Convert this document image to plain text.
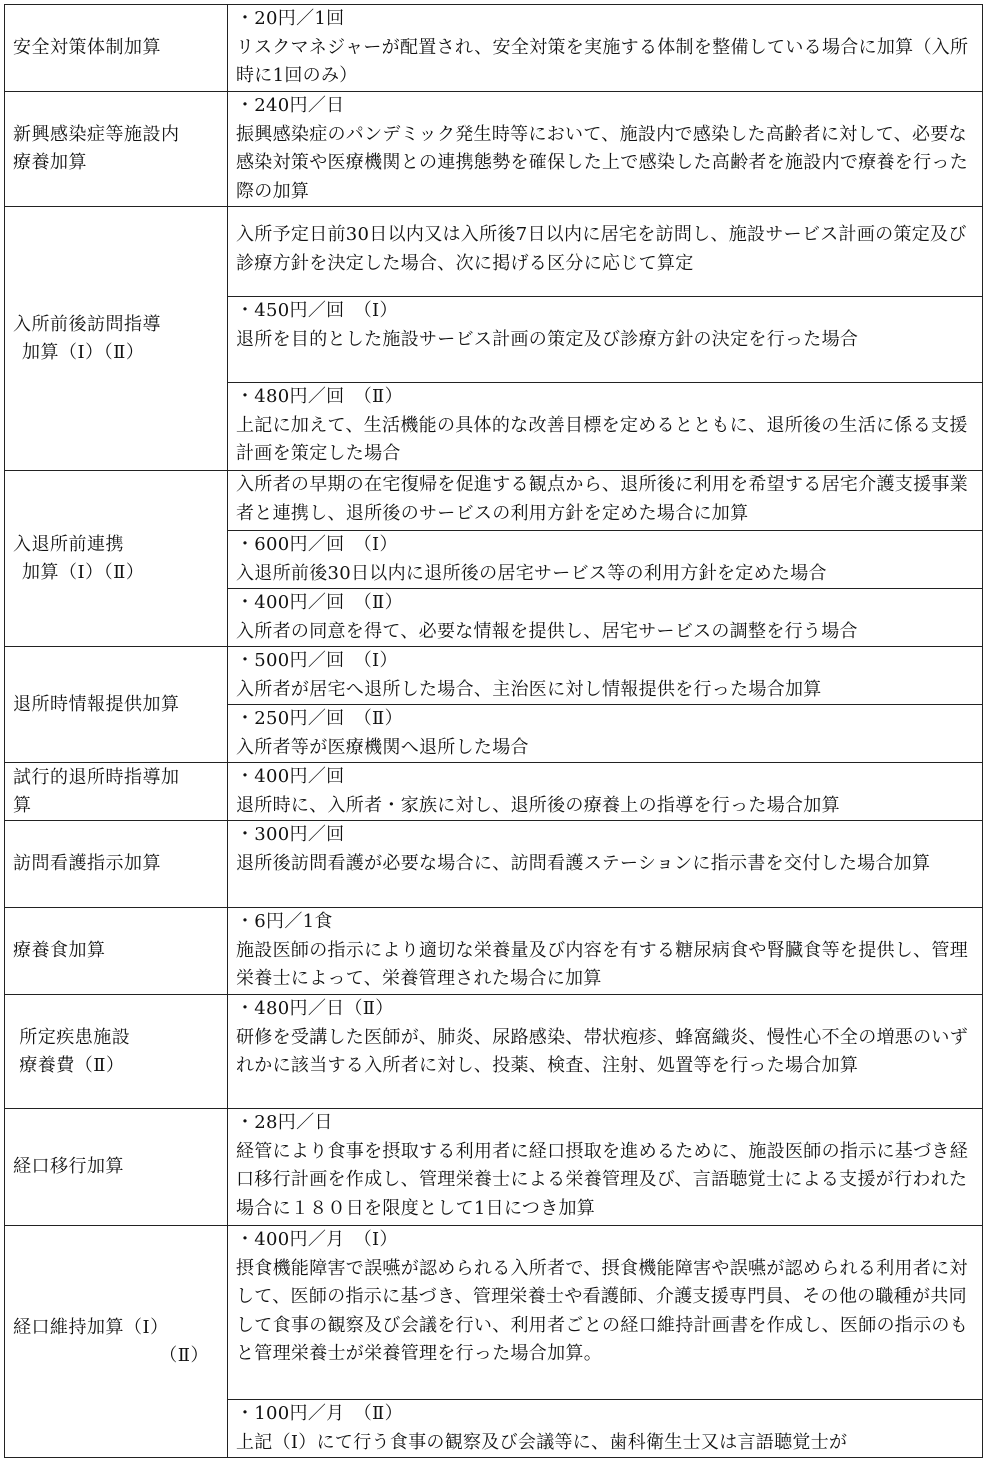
安全対策体制加算	・20円／1回
リスクマネジャーが配置され、安全対策を実施する体制を整備している場合に加算（入所時に1回のみ）

新興感染症等施設内
療養加算	・240円／日
振興感染症のパンデミック発生時等において、施設内で感染した高齢者に対して、必要な感染対策や医療機関との連携態勢を確保した上で感染した高齢者を施設内で療養を行った際の加算

入所前後訪問指導
加算（Ⅰ）（Ⅱ）	入所予定日前30日以内又は入所後7日以内に居宅を訪問し、施設サービス計画の策定及び診療方針を決定した場合、次に掲げる区分に応じて算定

	・450円／回　（Ⅰ）
退所を目的とした施設サービス計画の策定及び診療方針の決定を行った場合

	・480円／回　（Ⅱ）
上記に加えて、生活機能の具体的な改善目標を定めるとともに、退所後の生活に係る支援計画を策定した場合

入退所前連携
加算（Ⅰ）（Ⅱ）	入所者の早期の在宅復帰を促進する観点から、退所後に利用を希望する居宅介護支援事業者と連携し、退所後のサービスの利用方針を定めた場合に加算

	・600円／回　（Ⅰ）
入退所前後30日以内に退所後の居宅サービス等の利用方針を定めた場合

	・400円／回　（Ⅱ）
入所者の同意を得て、必要な情報を提供し、居宅サービスの調整を行う場合

退所時情報提供加算	・500円／回　（Ⅰ）
入所者が居宅へ退所した場合、主治医に対し情報提供を行った場合加算

	・250円／回　（Ⅱ）
入所者等が医療機関へ退所した場合

試行的退所時指導加
算	・400円／回
退所時に、入所者・家族に対し、退所後の療養上の指導を行った場合加算

訪問看護指示加算	・300円／回
退所後訪問看護が必要な場合に、訪問看護ステーションに指示書を交付した場合加算

療養食加算	・6円／1食
施設医師の指示により適切な栄養量及び内容を有する糖尿病食や腎臓食等を提供し、管理栄養士によって、栄養管理された場合に加算

所定疾患施設
療養費（Ⅱ）	・480円／日（Ⅱ）
研修を受講した医師が、肺炎、尿路感染、帯状疱疹、蜂窩織炎、慢性心不全の増悪のいずれかに該当する入所者に対し、投薬、検査、注射、処置等を行った場合加算

経口移行加算	・28円／日
経管により食事を摂取する利用者に経口摂取を進めるために、施設医師の指示に基づき経口移行計画を作成し、管理栄養士による栄養管理及び、言語聴覚士による支援が行われた場合に１８０日を限度として1日につき加算

経口維持加算（Ⅰ）
（Ⅱ）	・400円／月　（Ⅰ）
摂食機能障害で誤嚥が認められる入所者で、摂食機能障害や誤嚥が認められる利用者に対して、医師の指示に基づき、管理栄養士や看護師、介護支援専門員、その他の職種が共同して食事の観察及び会議を行い、利用者ごとの経口維持計画書を作成し、医師の指示のもと管理栄養士が栄養管理を行った場合加算。

	・100円／月　（Ⅱ）
上記（Ⅰ）にて行う食事の観察及び会議等に、歯科衛生士又は言語聴覚士が
